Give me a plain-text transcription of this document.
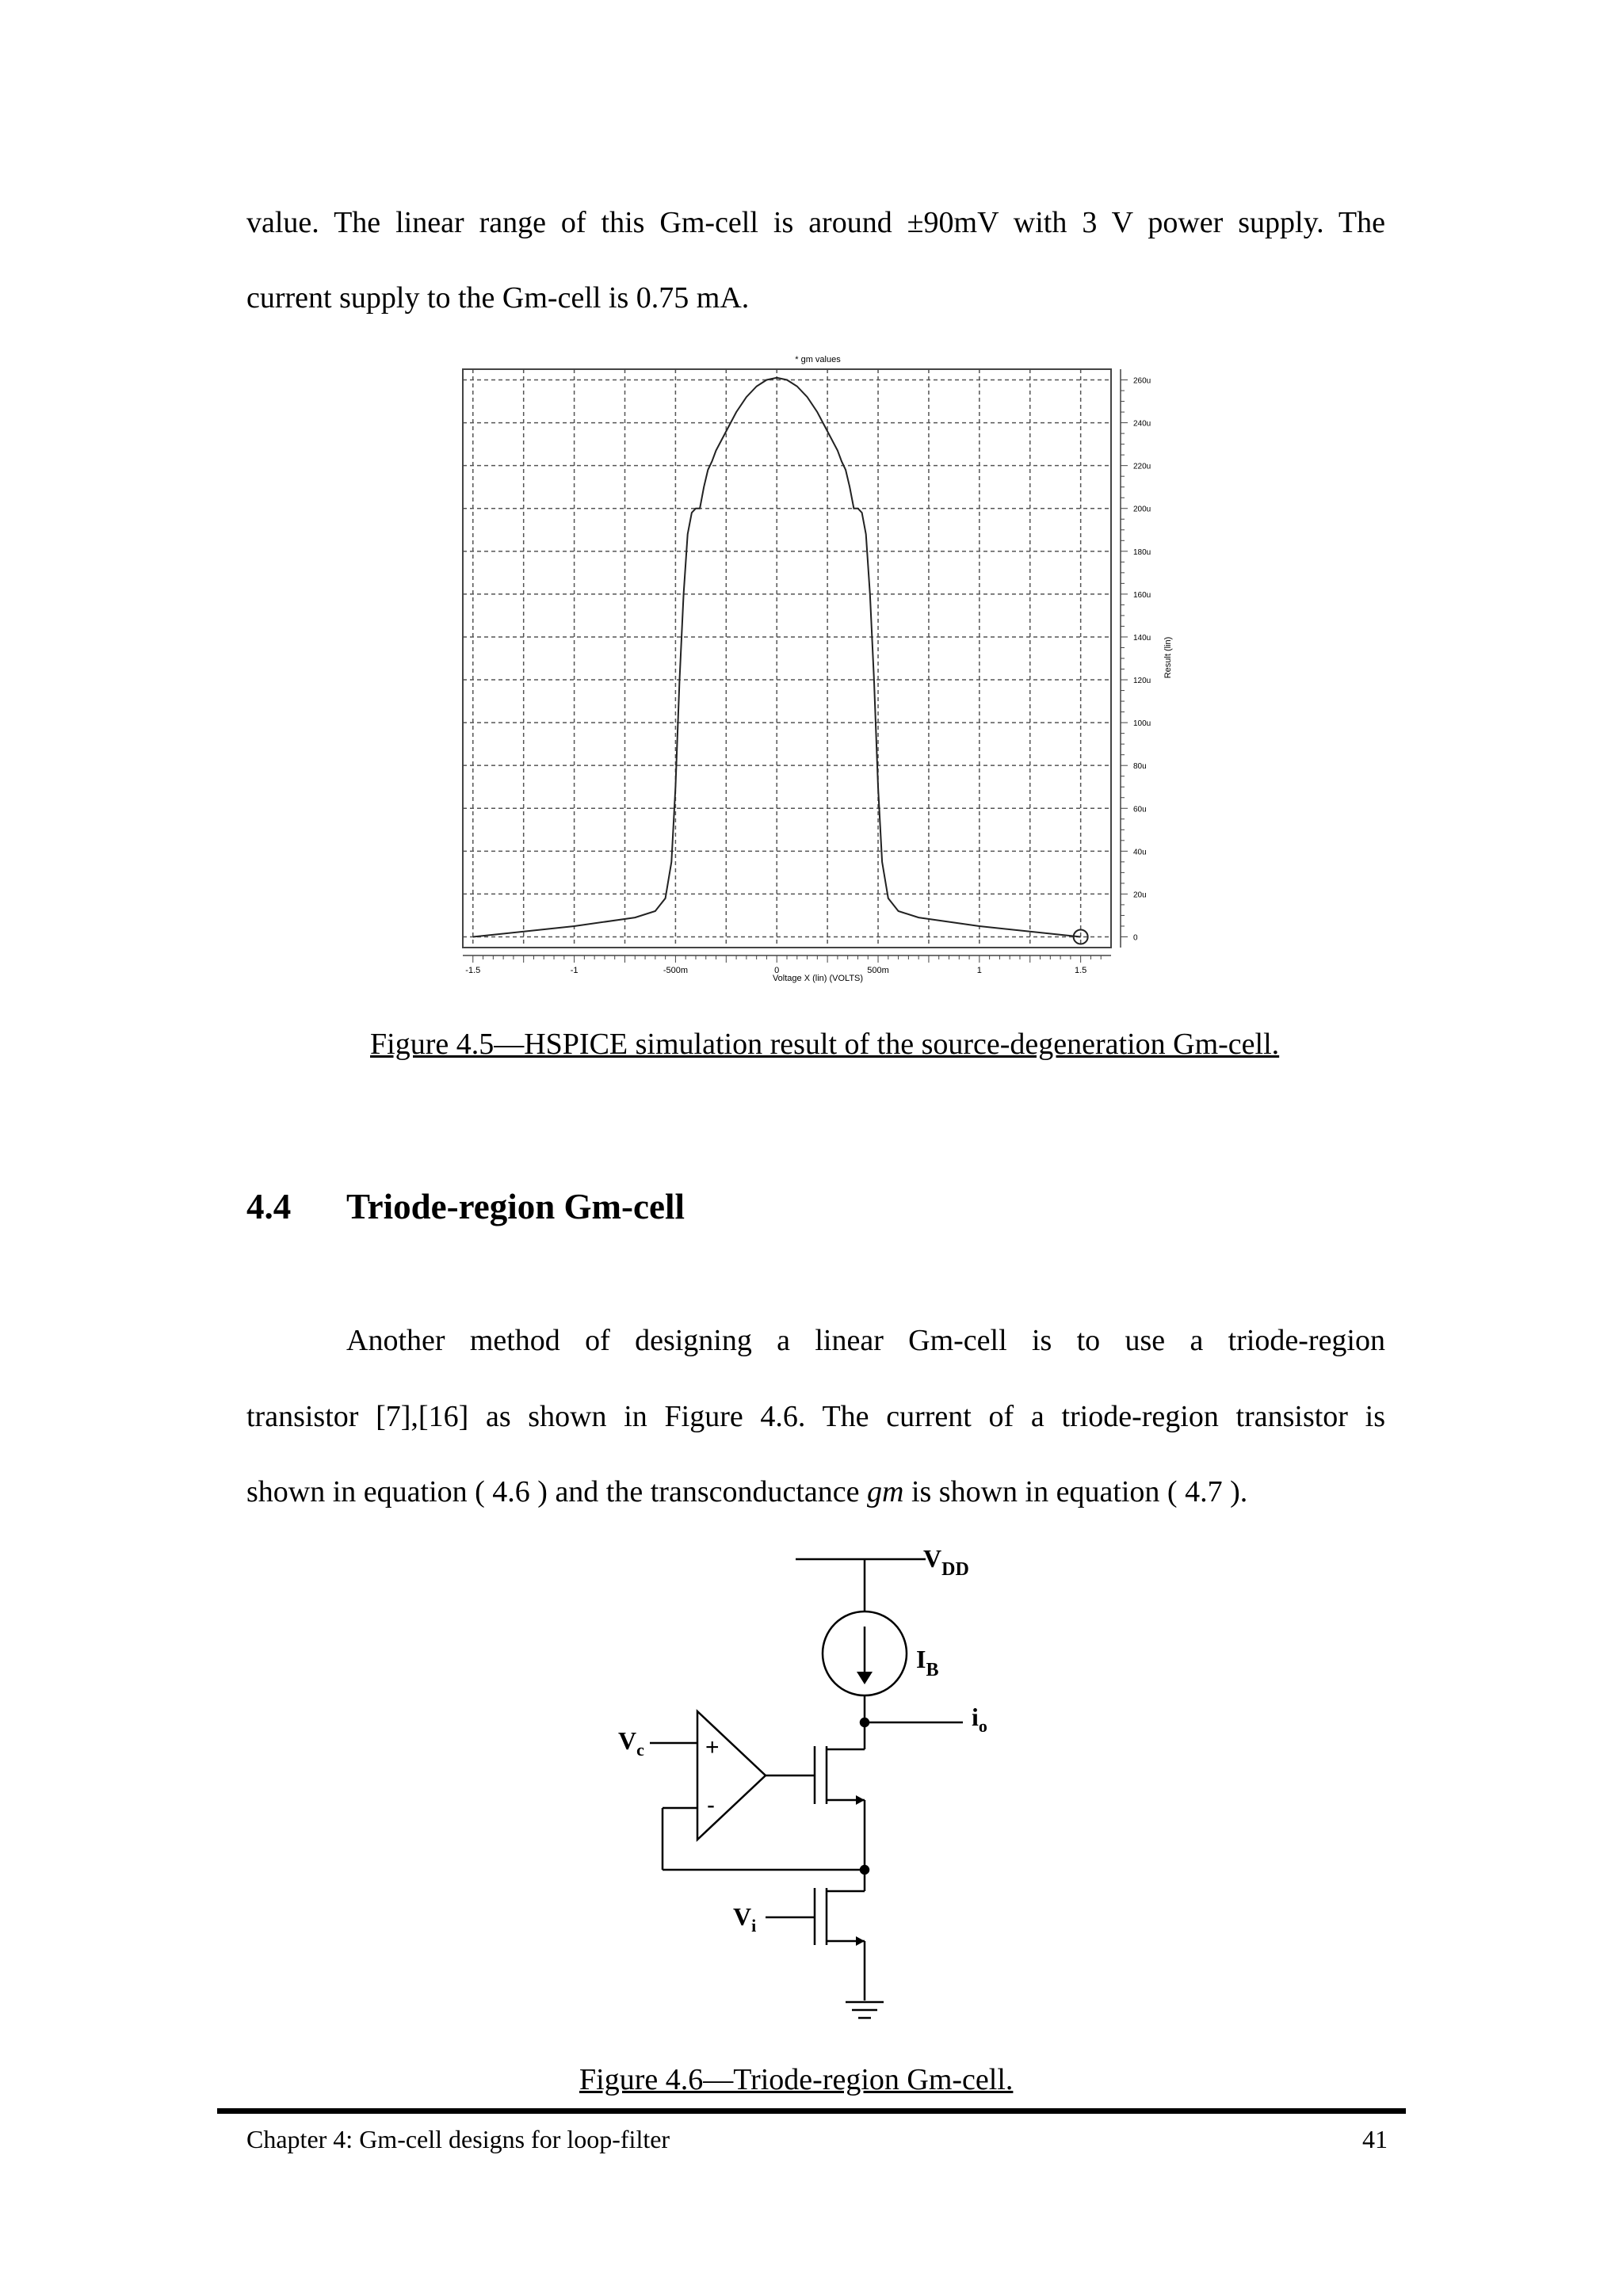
value. The linear range of this Gm-cell is around ±90mV with 3 V power supply. The

current supply to the Gm-cell is 0.75 mA.

-1.5	-1	-500m	0	500m	1	1.5
260u
240u
220u
200u
180u
160u
140u
120u
100u
80u
60u
40u
20u
0
* gm values
Voltage X (lin) (VOLTS)
Result (lin)
Figure 4.5—HSPICE simulation result of the source-degeneration Gm-cell.
4.4 Triode-region Gm-cell

Another method of designing a linear Gm-cell is to use a triode-region

transistor [7],[16] as shown in Figure 4.6. The current of a triode-region transistor is

shown in equation ( 4.6 ) and the transconductance gm is shown in equation ( 4.7 ).

$V_{DD}$
$I_B$
$i_o$
+
-
$V_c$
$V_i$
Figure 4.6—Triode-region Gm-cell.
Chapter 4: Gm-cell designs for loop-filter	41
